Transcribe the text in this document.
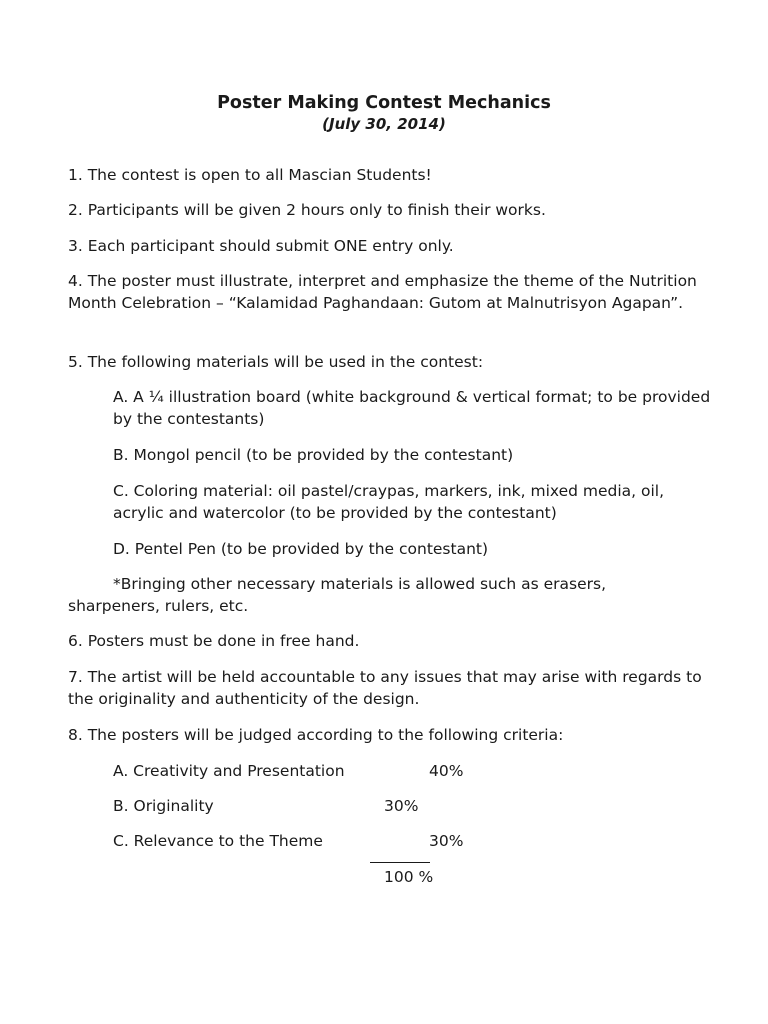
Poster Making Contest Mechanics
(July 30, 2014)

1. The contest is open to all Mascian Students!

2. Participants will be given 2 hours only to finish their works.

3. Each participant should submit ONE entry only.

4. The poster must illustrate, interpret and emphasize the theme of the Nutrition Month Celebration – “Kalamidad Paghandaan: Gutom at Malnutrisyon Agapan”.

5. The following materials will be used in the contest:

A. A ¼ illustration board (white background & vertical format; to be provided by the contestants)

B. Mongol pencil (to be provided by the contestant)

C. Coloring material: oil pastel/craypas, markers, ink, mixed media, oil, acrylic and watercolor (to be provided by the contestant)

D. Pentel Pen (to be provided by the contestant)

*Bringing other necessary materials is allowed such as erasers, sharpeners, rulers, etc.

6. Posters must be done in free hand.

7. The artist will be held accountable to any issues that may arise with regards to the originality and authenticity of the design.

8. The posters will be judged according to the following criteria:

A. Creativity and Presentation	40%

B. Originality	30%

C. Relevance to the Theme	30%

100 %
